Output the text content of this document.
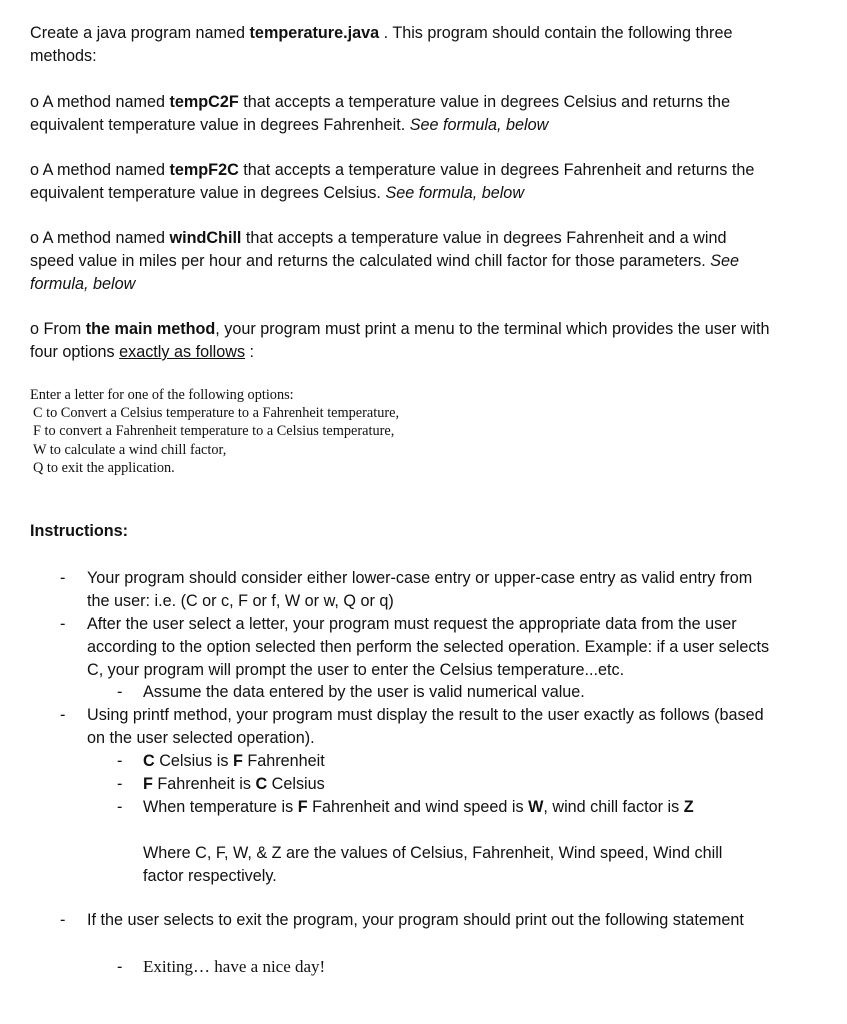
Create a java program named temperature.java . This program should contain the following three methods:

o A method named tempC2F that accepts a temperature value in degrees Celsius and returns the equivalent temperature value in degrees Fahrenheit. See formula, below

o A method named tempF2C that accepts a temperature value in degrees Fahrenheit and returns the equivalent temperature value in degrees Celsius. See formula, below

o A method named windChill that accepts a temperature value in degrees Fahrenheit and a wind speed value in miles per hour and returns the calculated wind chill factor for those parameters. See formula, below

o From the main method, your program must print a menu to the terminal which provides the user with four options exactly as follows :

Enter a letter for one of the following options:
C to Convert a Celsius temperature to a Fahrenheit temperature,
F to convert a Fahrenheit temperature to a Celsius temperature,
W to calculate a wind chill factor,
Q to exit the application.

Instructions:

- Your program should consider either lower-case entry or upper-case entry as valid entry from the user: i.e. (C or c, F or f, W or w, Q or q)
- After the user select a letter, your program must request the appropriate data from the user according to the option selected then perform the selected operation. Example: if a user selects C, your program will prompt the user to enter the Celsius temperature...etc.
- Assume the data entered by the user is valid numerical value.
- Using printf method, your program must display the result to the user exactly as follows (based on the user selected operation).
- C Celsius is F Fahrenheit
- F Fahrenheit is C Celsius
- When temperature is F Fahrenheit and wind speed is W, wind chill factor is Z
Where C, F, W, & Z are the values of Celsius, Fahrenheit, Wind speed, Wind chill factor respectively.
- If the user selects to exit the program, your program should print out the following statement
- Exiting… have a nice day!
